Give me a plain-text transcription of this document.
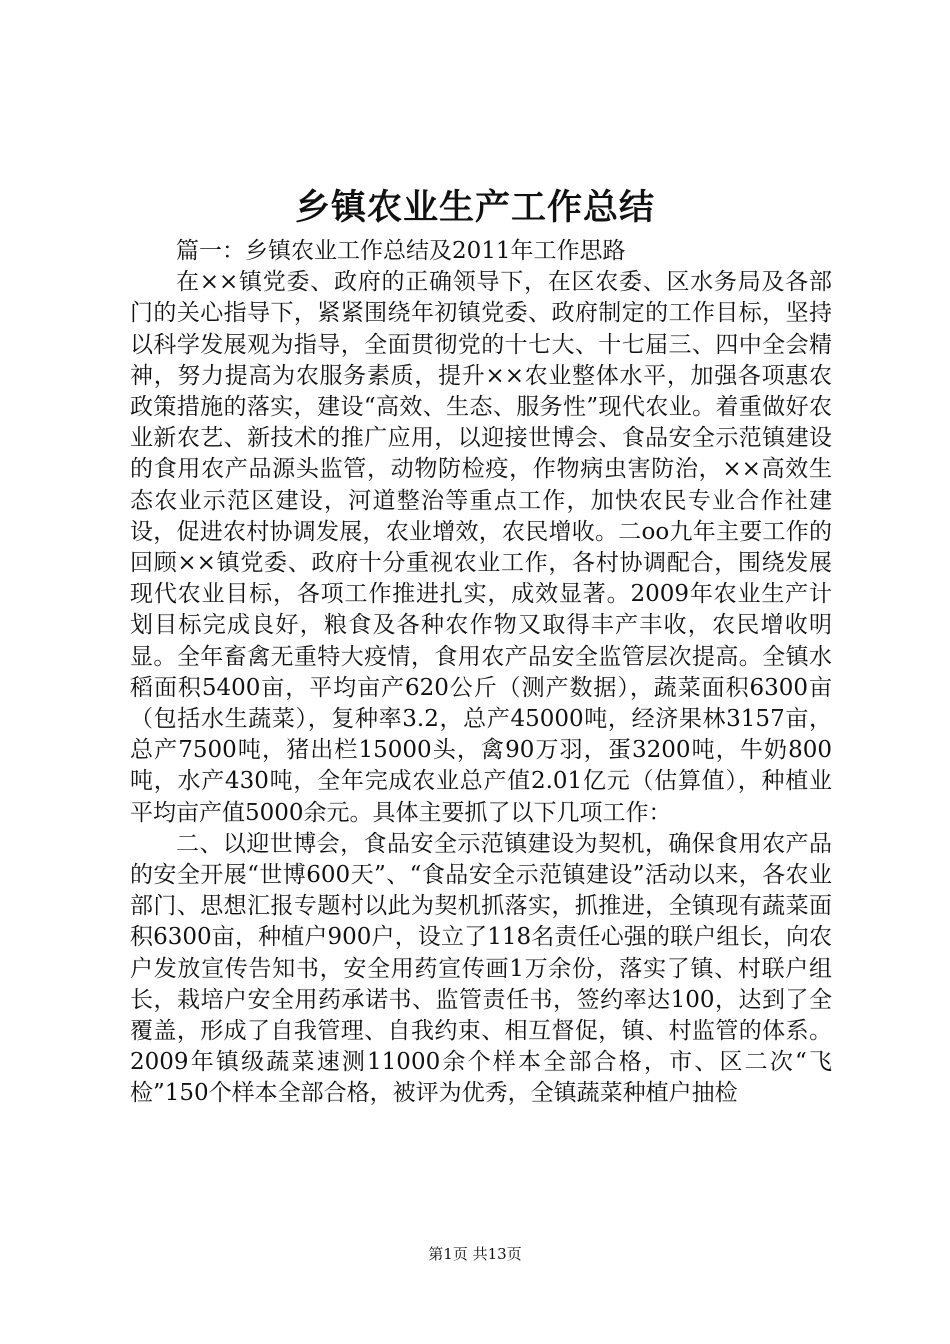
乡镇农业生产工作总结

篇一：乡镇农业工作总结及2011年工作思路

在××镇党委、政府的正确领导下，在区农委、区水务局及各部门的关心指导下，紧紧围绕年初镇党委、政府制定的工作目标，坚持以科学发展观为指导，全面贯彻党的十七大、十七届三、四中全会精神，努力提高为农服务素质，提升××农业整体水平，加强各项惠农政策措施的落实，建设“高效、生态、服务性”现代农业。着重做好农业新农艺、新技术的推广应用，以迎接世博会、食品安全示范镇建设的食用农产品源头监管，动物防检疫，作物病虫害防治，××高效生态农业示范区建设，河道整治等重点工作，加快农民专业合作社建设，促进农村协调发展，农业增效，农民增收。二oo九年主要工作的回顾××镇党委、政府十分重视农业工作，各村协调配合，围绕发展现代农业目标，各项工作推进扎实，成效显著。2009年农业生产计划目标完成良好，粮食及各种农作物又取得丰产丰收，农民增收明显。全年畜禽无重特大疫情，食用农产品安全监管层次提高。全镇水稻面积5400亩，平均亩产620公斤（测产数据），蔬菜面积6300亩（包括水生蔬菜），复种率3.2，总产45000吨，经济果林3157亩，总产7500吨，猪出栏15000头，禽90万羽，蛋3200吨，牛奶800吨，水产430吨，全年完成农业总产值2.01亿元（估算值），种植业平均亩产值5000余元。具体主要抓了以下几项工作：

二、以迎世博会，食品安全示范镇建设为契机，确保食用农产品的安全开展“世博600天”、“食品安全示范镇建设”活动以来，各农业部门、思想汇报专题村以此为契机抓落实，抓推进，全镇现有蔬菜面积6300亩，种植户900户，设立了118名责任心强的联户组长，向农户发放宣传告知书，安全用药宣传画1万余份，落实了镇、村联户组长，栽培户安全用药承诺书、监管责任书，签约率达100，达到了全覆盖，形成了自我管理、自我约束、相互督促，镇、村监管的体系。2009年镇级蔬菜速测11000余个样本全部合格，市、区二次“飞检”150个样本全部合格，被评为优秀，全镇蔬菜种植户抽检

第1页 共13页
